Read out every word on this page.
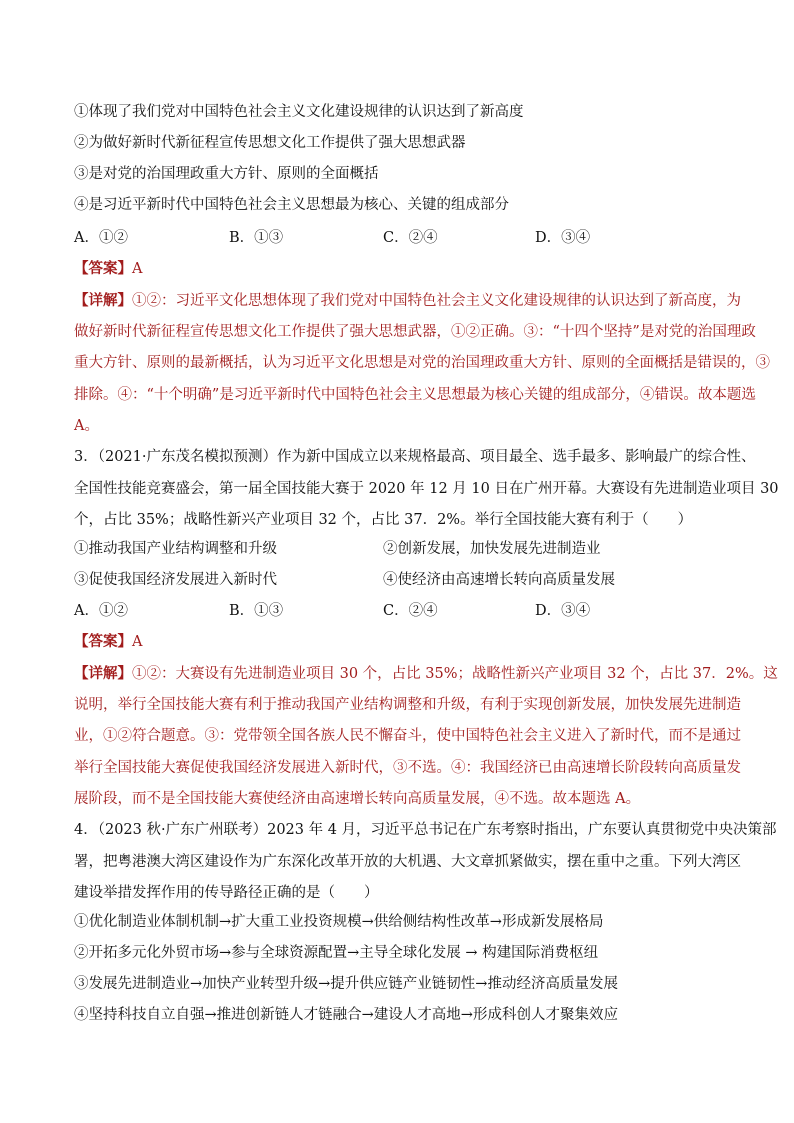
①体现了我们党对中国特色社会主义文化建设规律的认识达到了新高度
②为做好新时代新征程宣传思想文化工作提供了强大思想武器
③是对党的治国理政重大方针、原则的全面概括
④是习近平新时代中国特色社会主义思想最为核心、关键的组成部分
A．①②	B．①③	C．②④	D．③④
【答案】A
【详解】①②：习近平文化思想体现了我们党对中国特色社会主义文化建设规律的认识达到了新高度，为
做好新时代新征程宣传思想文化工作提供了强大思想武器，①②正确。③：“十四个坚持”是对党的治国理政
重大方针、原则的最新概括，认为习近平文化思想是对党的治国理政重大方针、原则的全面概括是错误的，③
排除。④：“十个明确”是习近平新时代中国特色社会主义思想最为核心关键的组成部分，④错误。故本题选
A。
3．（2021·广东茂名模拟预测）作为新中国成立以来规格最高、项目最全、选手最多、影响最广的综合性、
全国性技能竞赛盛会，第一届全国技能大赛于 2020 年 12 月 10 日在广州开幕。大赛设有先进制造业项目 30
个，占比 35%；战略性新兴产业项目 32 个，占比 37．2%。举行全国技能大赛有利于（　　）
①推动我国产业结构调整和升级	②创新发展，加快发展先进制造业
③促使我国经济发展进入新时代	④使经济由高速增长转向高质量发展
A．①②	B．①③	C．②④	D．③④
【答案】A
【详解】①②：大赛设有先进制造业项目 30 个，占比 35%；战略性新兴产业项目 32 个，占比 37．2%。这
说明，举行全国技能大赛有利于推动我国产业结构调整和升级，有利于实现创新发展，加快发展先进制造
业，①②符合题意。③：党带领全国各族人民不懈奋斗，使中国特色社会主义进入了新时代，而不是通过
举行全国技能大赛促使我国经济发展进入新时代，③不选。④：我国经济已由高速增长阶段转向高质量发
展阶段，而不是全国技能大赛使经济由高速增长转向高质量发展，④不选。故本题选 A。
4．（2023 秋·广东广州联考）2023 年 4 月，习近平总书记在广东考察时指出，广东要认真贯彻党中央决策部
署，把粤港澳大湾区建设作为广东深化改革开放的大机遇、大文章抓紧做实，摆在重中之重。下列大湾区
建设举措发挥作用的传导路径正确的是（　　）
①优化制造业体制机制→扩大重工业投资规模→供给侧结构性改革→形成新发展格局
②开拓多元化外贸市场→参与全球资源配置→主导全球化发展 → 构建国际消费枢纽
③发展先进制造业→加快产业转型升级→提升供应链产业链韧性→推动经济高质量发展
④坚持科技自立自强→推进创新链人才链融合→建设人才高地→形成科创人才聚集效应
